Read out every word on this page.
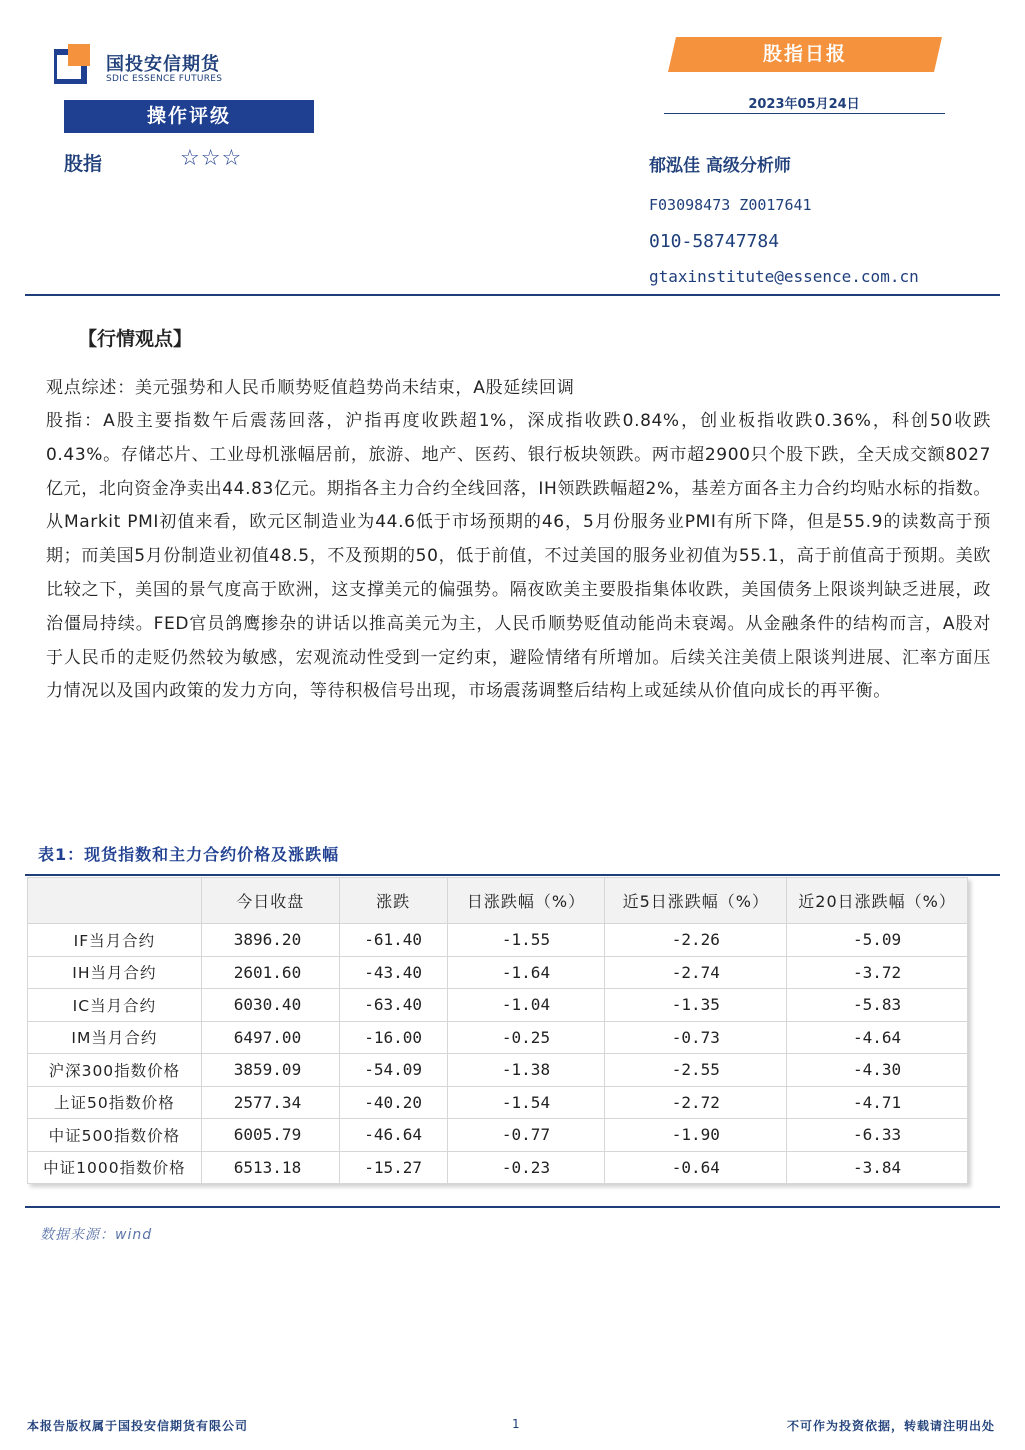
国投安信期货
SDIC ESSENCE FUTURES
股指日报
2023年05月24日
操作评级
股指	☆☆☆	郁泓佳 高级分析师
F03098473 Z0017641
010-58747784
gtaxinstitute@essence.com.cn
【行情观点】
观点综述：美元强势和人民币顺势贬值趋势尚未结束，A股延续回调
股指：A股主要指数午后震荡回落，沪指再度收跌超1%，深成指收跌0.84%，创业板指收跌0.36%，科创50收跌0.43%。存储芯片、工业母机涨幅居前，旅游、地产、医药、银行板块领跌。两市超2900只个股下跌，全天成交额8027亿元，北向资金净卖出44.83亿元。期指各主力合约全线回落，IH领跌跌幅超2%，基差方面各主力合约均贴水标的指数。从Markit PMI初值来看，欧元区制造业为44.6低于市场预期的46，5月份服务业PMI有所下降，但是55.9的读数高于预期；而美国5月份制造业初值48.5，不及预期的50，低于前值，不过美国的服务业初值为55.1，高于前值高于预期。美欧比较之下，美国的景气度高于欧洲，这支撑美元的偏强势。隔夜欧美主要股指集体收跌，美国债务上限谈判缺乏进展，政治僵局持续。FED官员鸽鹰掺杂的讲话以推高美元为主，人民币顺势贬值动能尚未衰竭。从金融条件的结构而言，A股对于人民币的走贬仍然较为敏感，宏观流动性受到一定约束，避险情绪有所增加。后续关注美债上限谈判进展、汇率方面压力情况以及国内政策的发力方向，等待积极信号出现，市场震荡调整后结构上或延续从价值向成长的再平衡。
表1：现货指数和主力合约价格及涨跌幅
	今日收盘	涨跌	日涨跌幅（%）	近5日涨跌幅（%）	近20日涨跌幅（%）
IF当月合约	3896.20	-61.40	-1.55	-2.26	-5.09
IH当月合约	2601.60	-43.40	-1.64	-2.74	-3.72
IC当月合约	6030.40	-63.40	-1.04	-1.35	-5.83
IM当月合约	6497.00	-16.00	-0.25	-0.73	-4.64
沪深300指数价格	3859.09	-54.09	-1.38	-2.55	-4.30
上证50指数价格	2577.34	-40.20	-1.54	-2.72	-4.71
中证500指数价格	6005.79	-46.64	-0.77	-1.90	-6.33
中证1000指数价格	6513.18	-15.27	-0.23	-0.64	-3.84
数据来源：wind
本报告版权属于国投安信期货有限公司	1	不可作为投资依据，转载请注明出处
